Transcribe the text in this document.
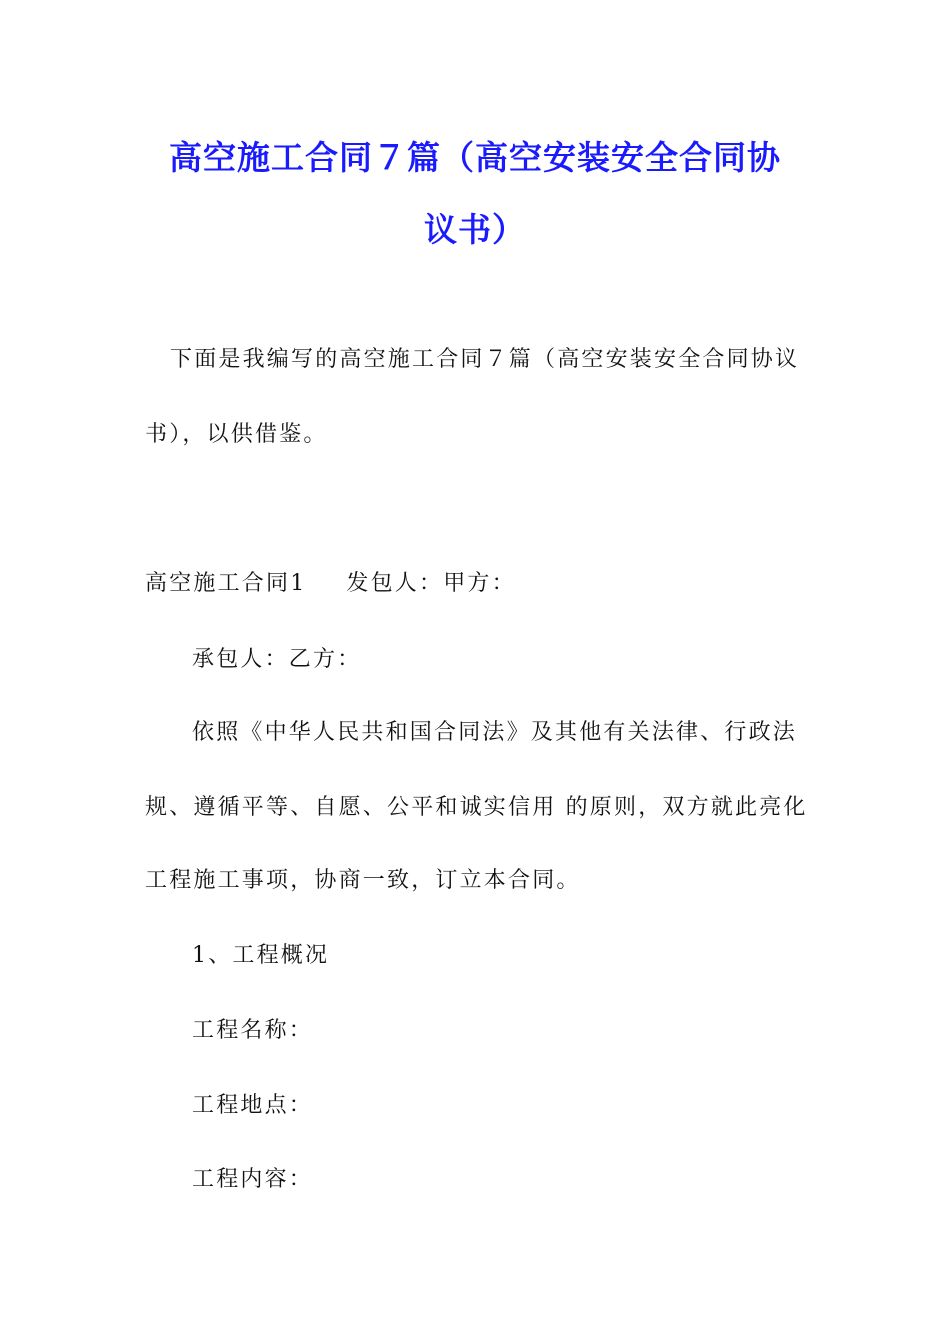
高空施工合同７篇（高空安装安全合同协
议书）
下面是我编写的高空施工合同７篇（高空安装安全合同协议
书），以供借鉴。
高空施工合同1 发包人：甲方：
承包人：乙方：
依照《中华人民共和国合同法》及其他有关法律、行政法
规、遵循平等、自愿、公平和诚实信用 的原则，双方就此亮化
工程施工事项，协商一致，订立本合同。
1、工程概况
工程名称：
工程地点：
工程内容：
